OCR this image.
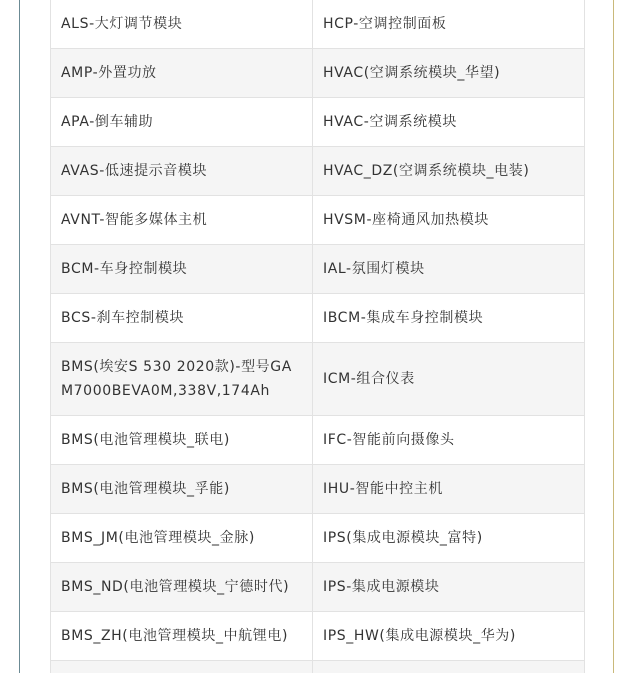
ALS-大灯调节模块	HCP-空调控制面板
AMP-外置功放	HVAC(空调系统模块_华望)
APA-倒车辅助	HVAC-空调系统模块
AVAS-低速提示音模块	HVAC_DZ(空调系统模块_电装)
AVNT-智能多媒体主机	HVSM-座椅通风加热模块
BCM-车身控制模块	IAL-氛围灯模块
BCS-刹车控制模块	IBCM-集成车身控制模块
BMS(埃安S 530 2020款)-型号GAM7000BEVA0M,338V,174Ah	ICM-组合仪表
BMS(电池管理模块_联电)	IFC-智能前向摄像头
BMS(电池管理模块_孚能)	IHU-智能中控主机
BMS_JM(电池管理模块_金脉)	IPS(集成电源模块_富特)
BMS_ND(电池管理模块_宁德时代)	IPS-集成电源模块
BMS_ZH(电池管理模块_中航锂电)	IPS_HW(集成电源模块_华为)
